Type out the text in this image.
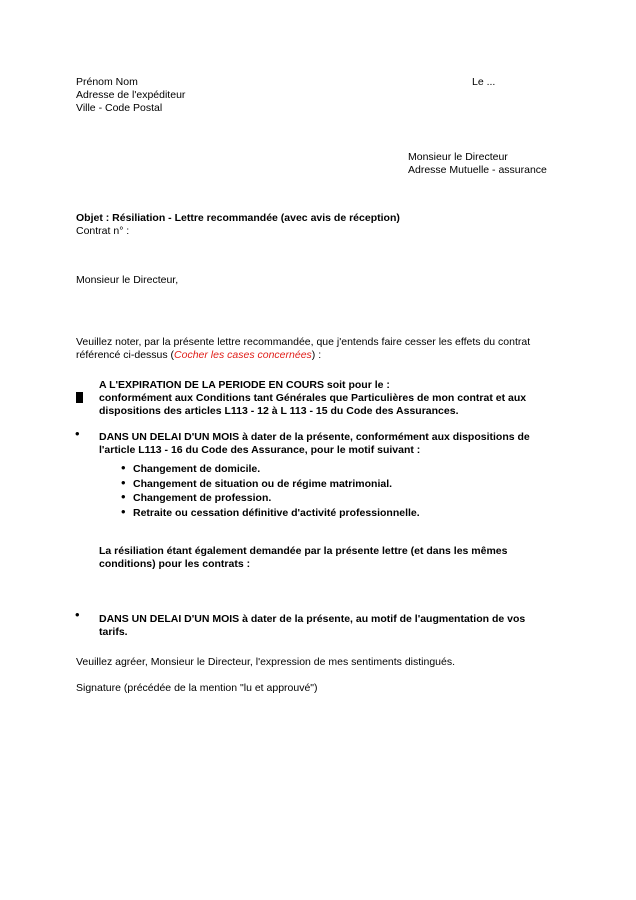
Prénom Nom
Adresse de l'expéditeur
Ville - Code Postal
Le ...
Monsieur le Directeur
Adresse Mutuelle - assurance
Objet : Résiliation - Lettre recommandée (avec avis de réception)
Contrat n° :
Monsieur le Directeur,
Veuillez noter, par la présente lettre recommandée, que j'entends faire cesser les effets du contrat
référencé ci-dessus (Cocher les cases concernées) :
A L'EXPIRATION DE LA PERIODE EN COURS soit pour le :
conformément aux Conditions tant Générales que Particulières de mon contrat et aux
dispositions des articles L113 - 12 à L 113 - 15 du Code des Assurances.
• DANS UN DELAI D'UN MOIS à dater de la présente, conformément aux dispositions de
l'article L113 - 16 du Code des Assurance, pour le motif suivant :
• Changement de domicile.
• Changement de situation ou de régime matrimonial.
• Changement de profession.
• Retraite ou cessation définitive d'activité professionnelle.
La résiliation étant également demandée par la présente lettre (et dans les mêmes
conditions) pour les contrats :
• DANS UN DELAI D'UN MOIS à dater de la présente, au motif de l'augmentation de vos
tarifs.
Veuillez agréer, Monsieur le Directeur, l'expression de mes sentiments distingués.
Signature (précédée de la mention "lu et approuvé")
